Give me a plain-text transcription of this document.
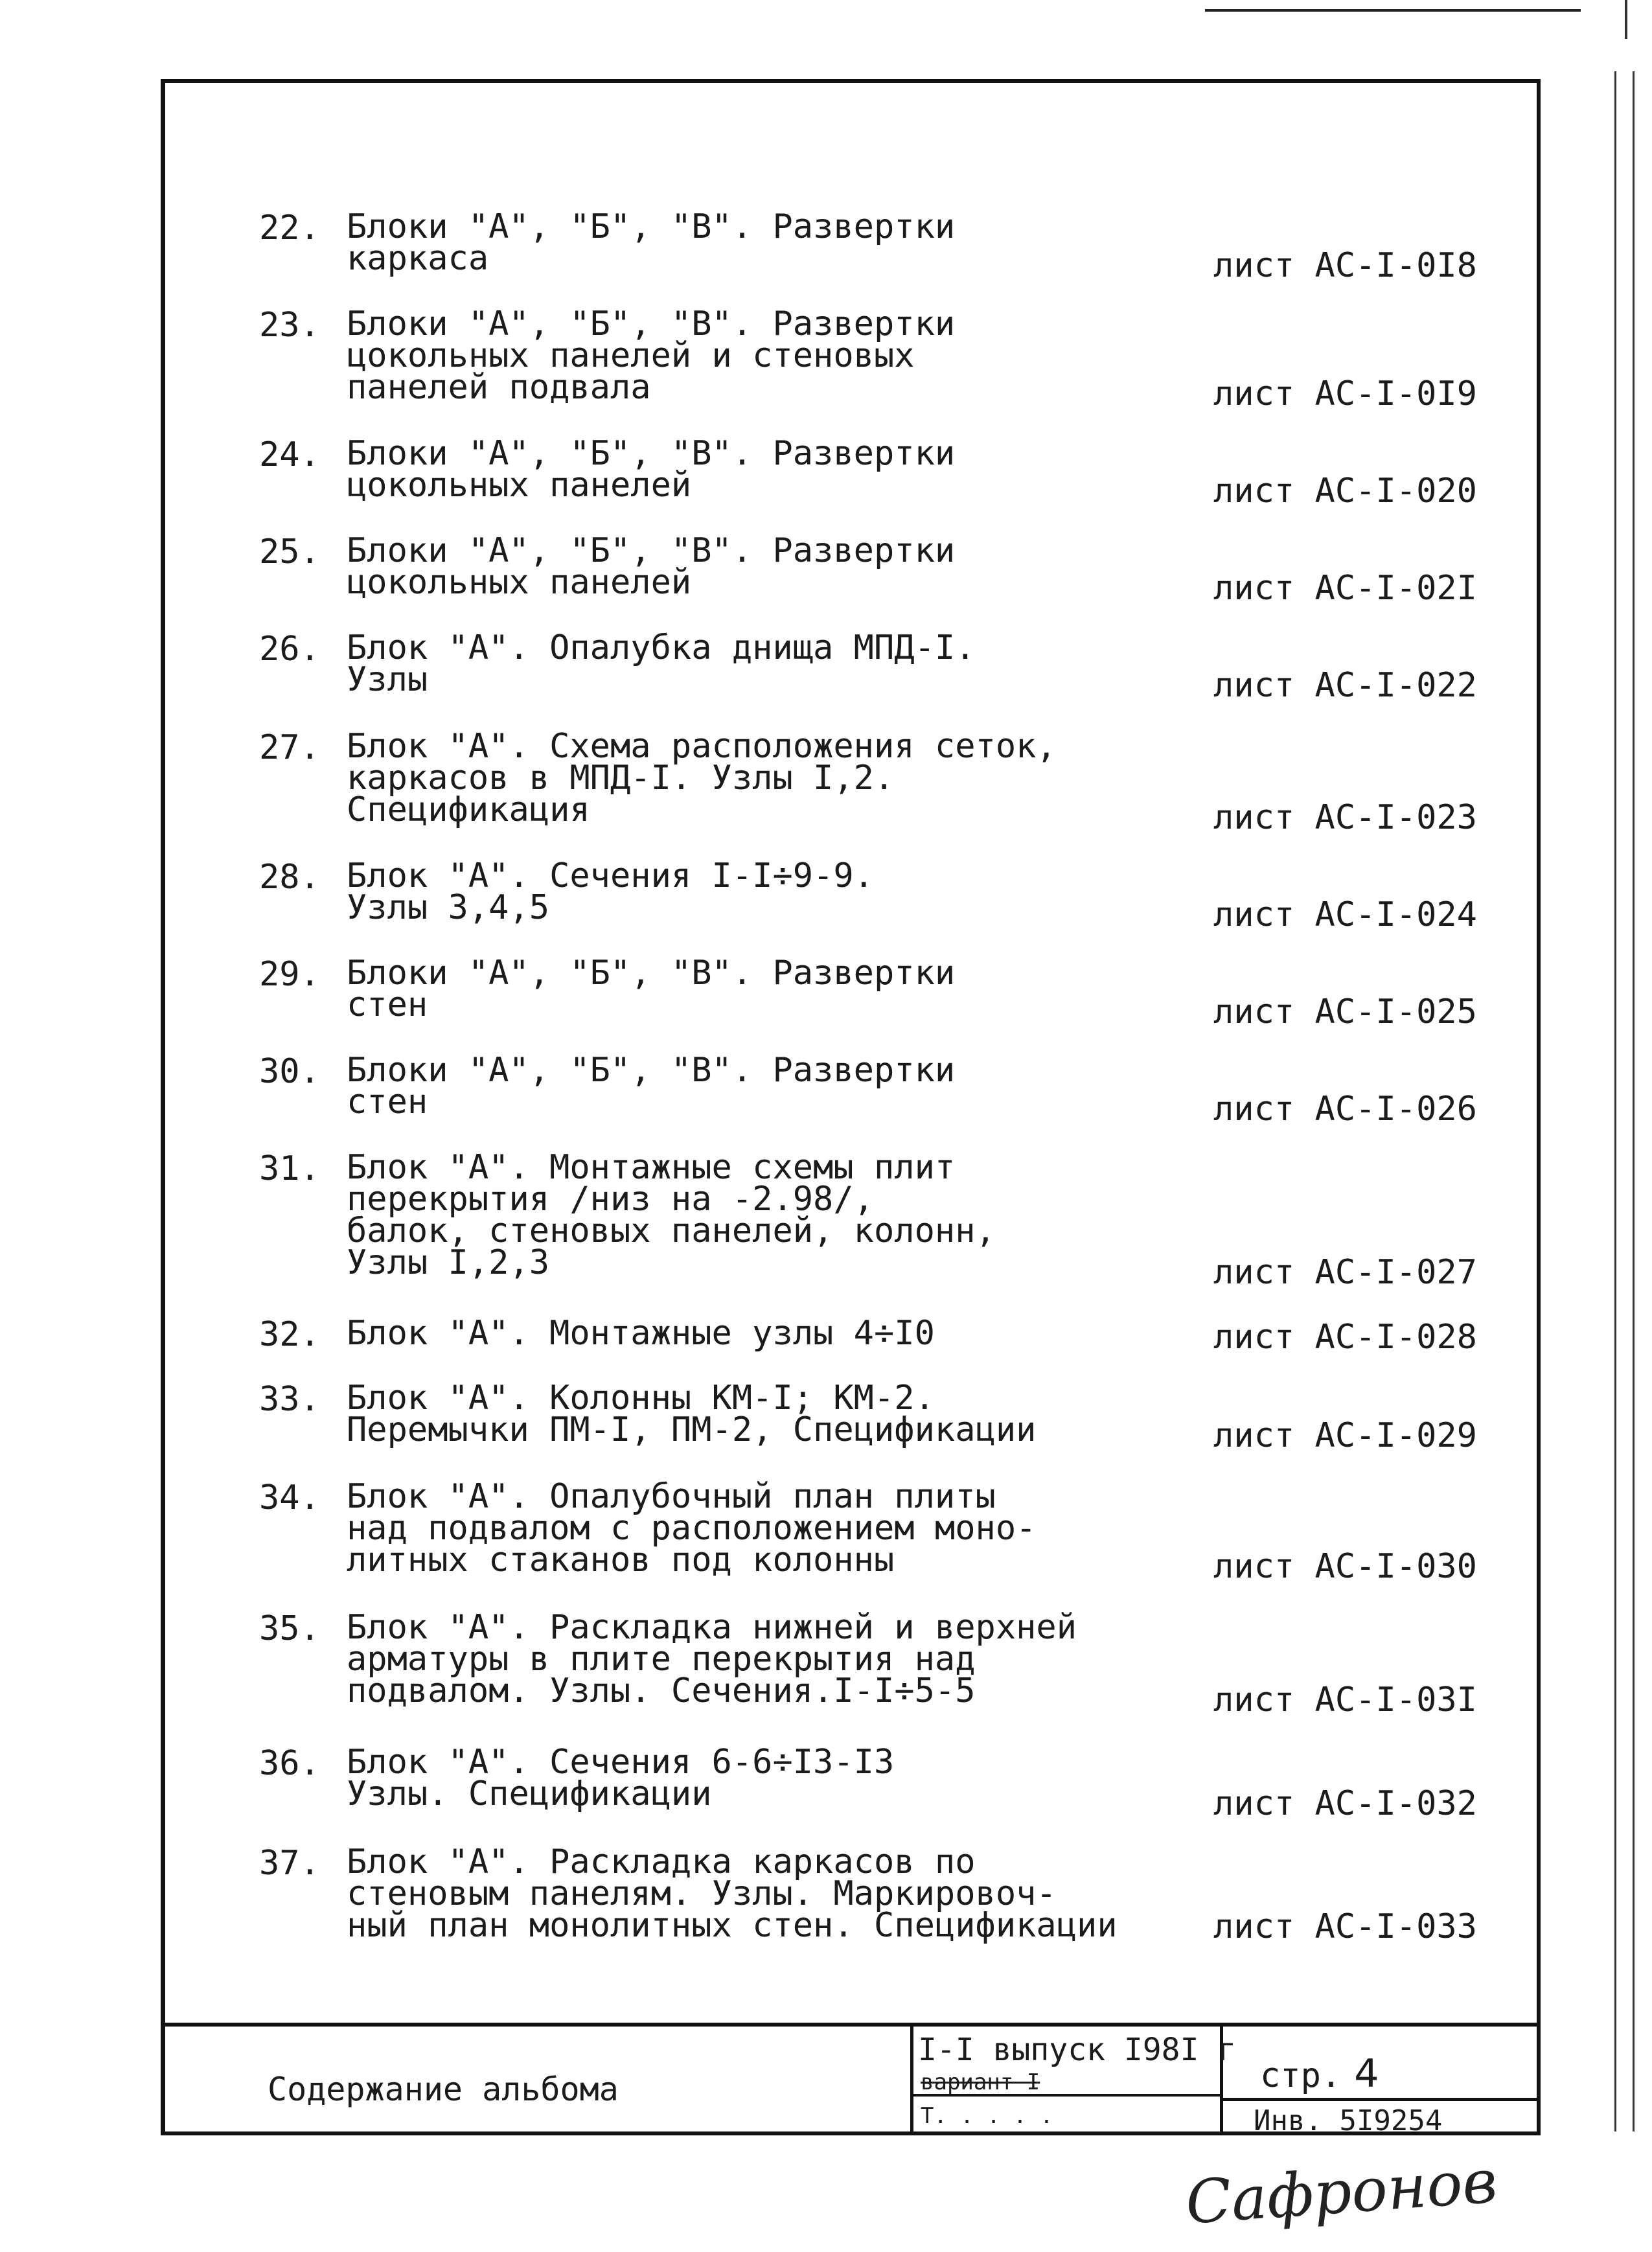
22. Блоки "А", "Б", "В". Развертки
каркаса	лист АС-I-0I8
23. Блоки "А", "Б", "В". Развертки
цокольных панелей и стеновых
панелей подвала	лист АС-I-0I9
24. Блоки "А", "Б", "В". Развертки
цокольных панелей	лист АС-I-020
25. Блоки "А", "Б", "В". Развертки
цокольных панелей	лист АС-I-02I
26. Блок "А". Опалубка днища МПД-I.
Узлы	лист АС-I-022
27. Блок "А". Схема расположения сеток,
каркасов в МПД-I. Узлы I,2.
Спецификация	лист АС-I-023
28. Блок "А". Сечения I-I÷9-9.
Узлы 3,4,5	лист АС-I-024
29. Блоки "А", "Б", "В". Развертки
стен	лист АС-I-025
30. Блоки "А", "Б", "В". Развертки
стен	лист АС-I-026
31. Блок "А". Монтажные схемы плит
перекрытия /низ на -2.98/,
балок, стеновых панелей, колонн,
Узлы I,2,3	лист АС-I-027
32. Блок "А". Монтажные узлы 4÷I0	лист АС-I-028
33. Блок "А". Колонны КМ-I; КМ-2.
Перемычки ПМ-I, ПМ-2, Спецификации	лист АС-I-029
34. Блок "А". Опалубочный план плиты
над подвалом с расположением моно-
литных стаканов под колонны	лист АС-I-030
35. Блок "А". Раскладка нижней и верхней
арматуры в плите перекрытия над
подвалом. Узлы. Сечения.I-I÷5-5	лист АС-I-03I
36. Блок "А". Сечения 6-6÷I3-I3
Узлы. Спецификации	лист АС-I-032
37. Блок "А". Раскладка каркасов по
стеновым панелям. Узлы. Маркировоч-
ный план монолитных стен. Спецификации	лист АС-I-033
Содержание альбома
I-I выпуск I98I г
вариант I
Т. . . . .
стр. 4
Инв. 5I9254
Сафронов
